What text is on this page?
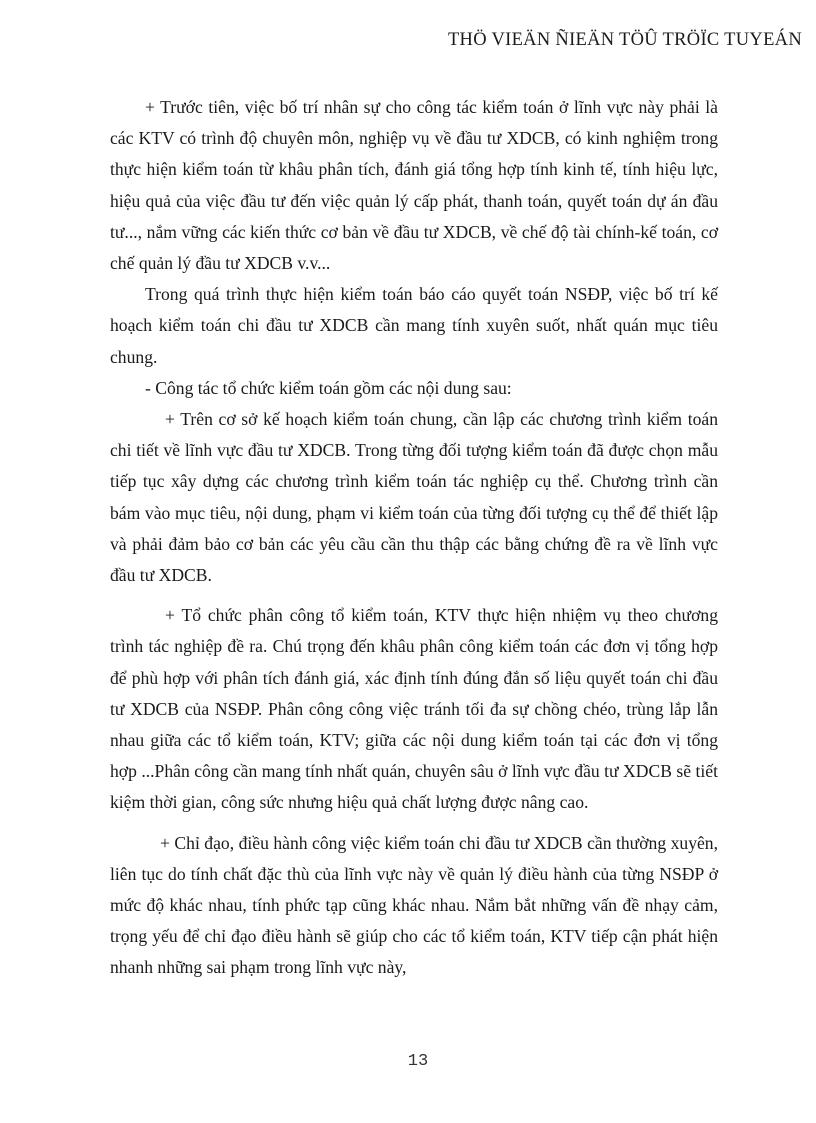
THÖ VIEÄN ÑIEÄN TÖÛ TRÖÏC TUYEÁN

+ Trước tiên, việc bố trí nhân sự cho công tác kiểm toán ở lĩnh vực này phải là các KTV có trình độ chuyên môn, nghiệp vụ về đầu tư XDCB, có kinh nghiệm trong thực hiện kiểm toán từ khâu phân tích, đánh giá tổng hợp tính kinh tế, tính hiệu lực, hiệu quả của việc đầu tư đến việc quản lý cấp phát, thanh toán, quyết toán dự án đầu tư..., nắm vững các kiến thức cơ bản về đầu tư XDCB, về chế độ tài chính-kế toán, cơ chế quản lý đầu tư XDCB v.v...

Trong quá trình thực hiện kiểm toán báo cáo quyết toán NSĐP, việc bố trí kế hoạch kiểm toán chi đầu tư XDCB cần mang tính xuyên suốt, nhất quán mục tiêu chung.

- Công tác tổ chức kiểm toán gồm các nội dung sau:

+ Trên cơ sở kế hoạch kiểm toán chung, cần lập các chương trình kiểm toán chi tiết về lĩnh vực đầu tư XDCB. Trong từng đối tượng kiểm toán đã được chọn mẫu tiếp tục xây dựng các chương trình kiểm toán tác nghiệp cụ thể. Chương trình cần bám vào mục tiêu, nội dung, phạm vi kiểm toán của từng đối tượng cụ thể để thiết lập và phải đảm bảo cơ bản các yêu cầu cần thu thập các bằng chứng đề ra về lĩnh vực đầu tư XDCB.

+ Tổ chức phân công tổ kiểm toán, KTV thực hiện nhiệm vụ theo chương trình tác nghiệp đề ra. Chú trọng đến khâu phân công kiểm toán các đơn vị tổng hợp để phù hợp với phân tích đánh giá, xác định tính đúng đắn số liệu quyết toán chi đầu tư XDCB của NSĐP. Phân công công việc tránh tối đa sự chồng chéo, trùng lắp lẫn nhau giữa các tổ kiểm toán, KTV; giữa các nội dung kiểm toán tại các đơn vị tổng hợp ...Phân công cần mang tính nhất quán, chuyên sâu ở lĩnh vực đầu tư XDCB sẽ tiết kiệm thời gian, công sức nhưng hiệu quả chất lượng được nâng cao.

+ Chỉ đạo, điều hành công việc kiểm toán chi đầu tư XDCB cần thường xuyên, liên tục do tính chất đặc thù của lĩnh vực này về quản lý điều hành của từng NSĐP ở mức độ khác nhau, tính phức tạp cũng khác nhau. Nắm bắt những vấn đề nhạy cảm, trọng yếu để chỉ đạo điều hành sẽ giúp cho các tổ kiểm toán, KTV tiếp cận phát hiện nhanh những sai phạm trong lĩnh vực này,

13
